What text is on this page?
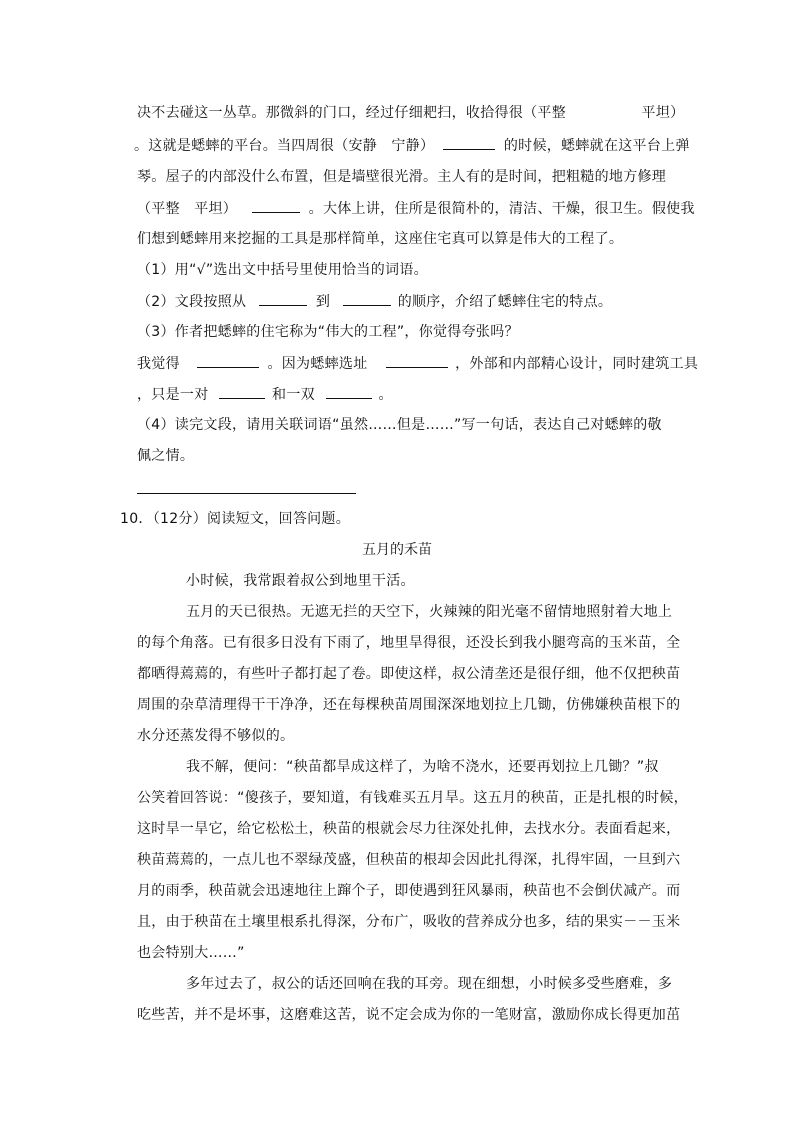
决不去碰这一丛草。那微斜的门口，经过仔细耙扫，收拾得很（平整	平坦）
。这就是蟋蟀的平台。当四周很（安静　宁静）	的时候，蟋蟀就在这平台上弹
琴。屋子的内部没什么布置，但是墙壁很光滑。主人有的是时间，把粗糙的地方修理
（平整　平坦）	。大体上讲，住所是很简朴的，清洁、干燥，很卫生。假使我
们想到蟋蟀用来挖掘的工具是那样简单，这座住宅真可以算是伟大的工程了。
（1）用“√”选出文中括号里使用恰当的词语。
（2）文段按照从	到	的顺序，介绍了蟋蟀住宅的特点。
（3）作者把蟋蟀的住宅称为“伟大的工程”，你觉得夸张吗？
我觉得	。因为蟋蟀选址	，外部和内部精心设计，同时建筑工具
，只是一对	和一双	。
（4）读完文段，请用关联词语“虽然……但是……”写一句话，表达自己对蟋蟀的敬
佩之情。
10．（12分）阅读短文，回答问题。
五月的禾苗
小时候，我常跟着叔公到地里干活。
五月的天已很热。无遮无拦的天空下，火辣辣的阳光毫不留情地照射着大地上
的每个角落。已有很多日没有下雨了，地里旱得很，还没长到我小腿弯高的玉米苗，全
都晒得蔫蔫的，有些叶子都打起了卷。即使这样，叔公清垄还是很仔细，他不仅把秧苗
周围的杂草清理得干干净净，还在每棵秧苗周围深深地划拉上几锄，仿佛嫌秧苗根下的
水分还蒸发得不够似的。
我不解，便问：“秧苗都旱成这样了，为啥不浇水，还要再划拉上几锄？”叔
公笑着回答说：“傻孩子，要知道，有钱难买五月旱。这五月的秧苗，正是扎根的时候，
这时旱一旱它，给它松松土，秧苗的根就会尽力往深处扎伸，去找水分。表面看起来，
秧苗蔫蔫的，一点儿也不翠绿茂盛，但秧苗的根却会因此扎得深，扎得牢固，一旦到六
月的雨季，秧苗就会迅速地往上蹿个子，即使遇到狂风暴雨，秧苗也不会倒伏减产。而
且，由于秧苗在土壤里根系扎得深，分布广，吸收的营养成分也多，结的果实－－玉米
也会特别大……”
多年过去了，叔公的话还回响在我的耳旁。现在细想，小时候多受些磨难，多
吃些苦，并不是坏事，这磨难这苦，说不定会成为你的一笔财富，激励你成长得更加茁
